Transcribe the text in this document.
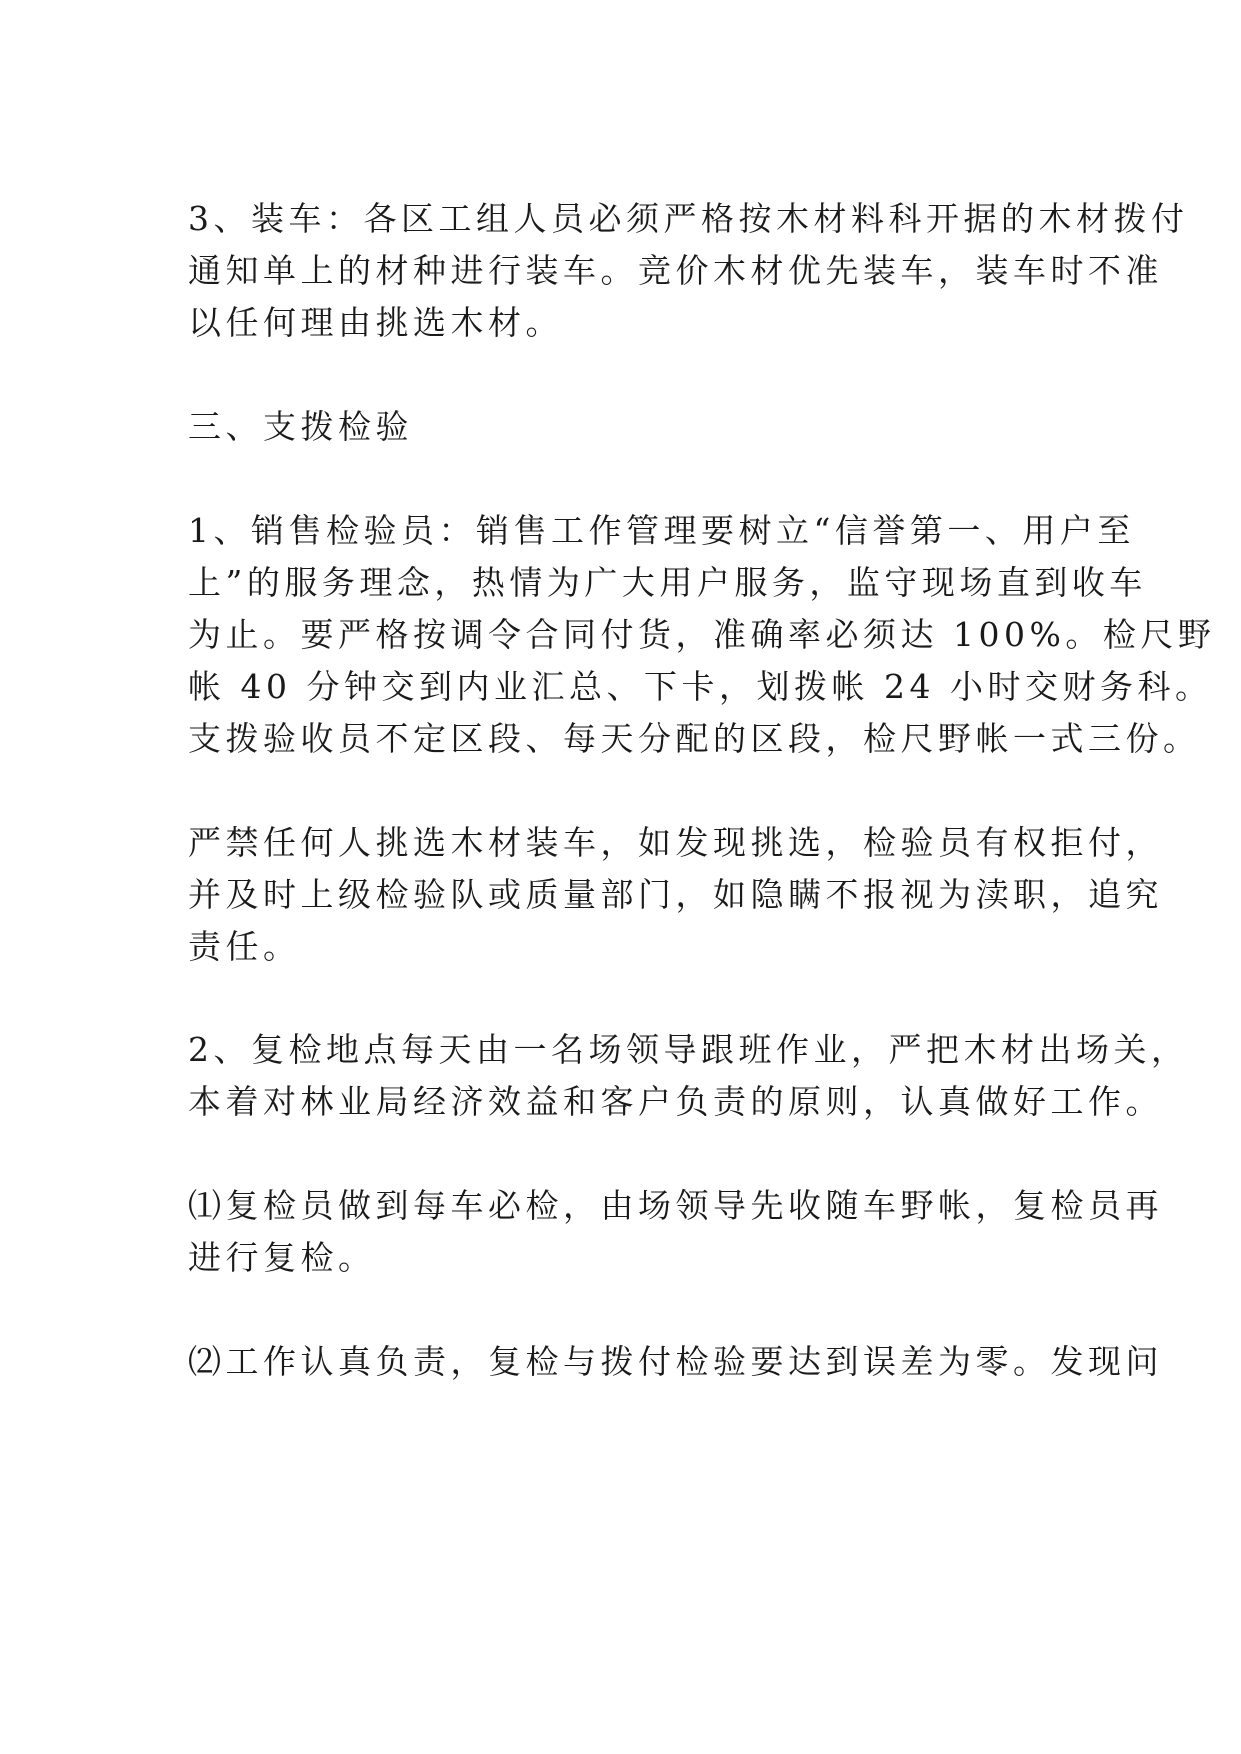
3、装车：各区工组人员必须严格按木材料科开据的木材拨付
通知单上的材种进行装车。竞价木材优先装车，装车时不准
以任何理由挑选木材。
三、支拨检验
1、销售检验员：销售工作管理要树立“信誉第一、用户至
上”的服务理念，热情为广大用户服务，监守现场直到收车
为止。要严格按调令合同付货，准确率必须达 100%。检尺野
帐 40 分钟交到内业汇总、下卡，划拨帐 24 小时交财务科。
支拨验收员不定区段、每天分配的区段，检尺野帐一式三份。
严禁任何人挑选木材装车，如发现挑选，检验员有权拒付，
并及时上级检验队或质量部门，如隐瞒不报视为渎职，追究
责任。
2、复检地点每天由一名场领导跟班作业，严把木材出场关，
本着对林业局经济效益和客户负责的原则，认真做好工作。
⑴复检员做到每车必检，由场领导先收随车野帐，复检员再
进行复检。
⑵工作认真负责，复检与拨付检验要达到误差为零。发现问
